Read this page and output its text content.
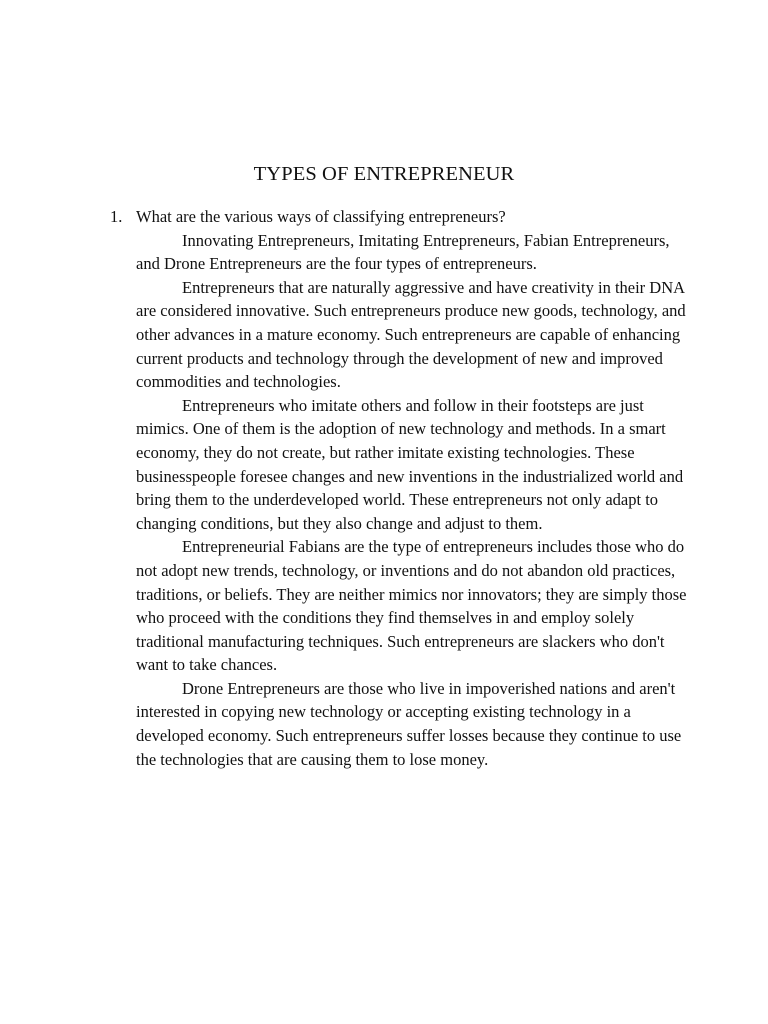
TYPES OF ENTREPRENEUR
1. What are the various ways of classifying entrepreneurs?

Innovating Entrepreneurs, Imitating Entrepreneurs, Fabian Entrepreneurs, and Drone Entrepreneurs are the four types of entrepreneurs.

Entrepreneurs that are naturally aggressive and have creativity in their DNA are considered innovative. Such entrepreneurs produce new goods, technology, and other advances in a mature economy. Such entrepreneurs are capable of enhancing current products and technology through the development of new and improved commodities and technologies.

Entrepreneurs who imitate others and follow in their footsteps are just mimics. One of them is the adoption of new technology and methods. In a smart economy, they do not create, but rather imitate existing technologies. These businesspeople foresee changes and new inventions in the industrialized world and bring them to the underdeveloped world. These entrepreneurs not only adapt to changing conditions, but they also change and adjust to them.

Entrepreneurial Fabians are the type of entrepreneurs includes those who do not adopt new trends, technology, or inventions and do not abandon old practices, traditions, or beliefs. They are neither mimics nor innovators; they are simply those who proceed with the conditions they find themselves in and employ solely traditional manufacturing techniques. Such entrepreneurs are slackers who don't want to take chances.

Drone Entrepreneurs are those who live in impoverished nations and aren't interested in copying new technology or accepting existing technology in a developed economy. Such entrepreneurs suffer losses because they continue to use the technologies that are causing them to lose money.
